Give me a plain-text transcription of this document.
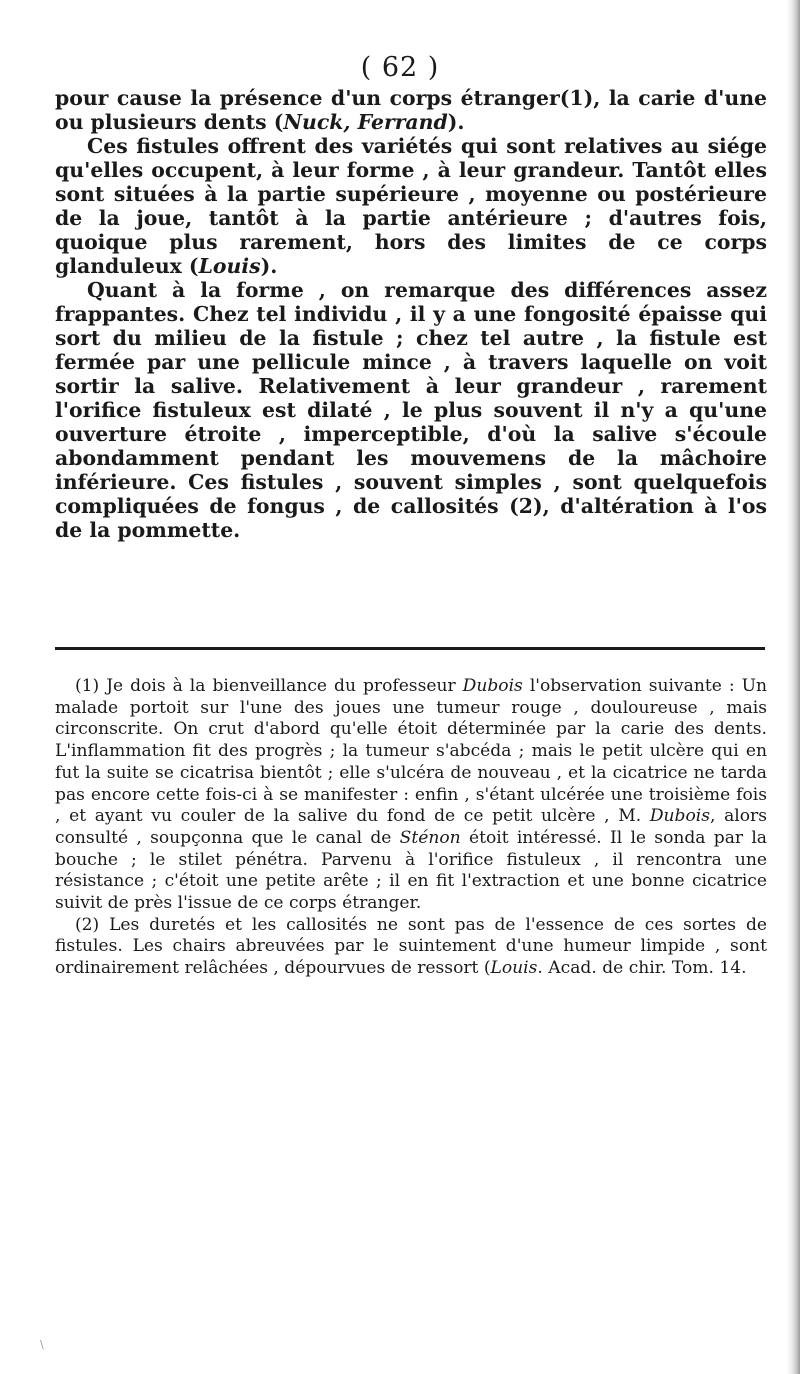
( 62 )

pour cause la présence d'un corps étranger(1), la carie d'une ou plusieurs dents (Nuck, Ferrand).

Ces fistules offrent des variétés qui sont relatives au siége qu'elles occupent, à leur forme , à leur grandeur. Tantôt elles sont situées à la partie supérieure , moyenne ou postérieure de la joue, tantôt à la partie antérieure ; d'autres fois, quoique plus rarement, hors des limites de ce corps glanduleux (Louis).

Quant à la forme , on remarque des différences assez frappantes. Chez tel individu , il y a une fongosité épaisse qui sort du milieu de la fistule ; chez tel autre , la fistule est fermée par une pellicule mince , à travers laquelle on voit sortir la salive. Relativement à leur grandeur , rarement l'orifice fistuleux est dilaté , le plus souvent il n'y a qu'une ouverture étroite , imperceptible, d'où la salive s'écoule abondamment pendant les mouvemens de la mâchoire inférieure. Ces fistules , souvent simples , sont quelquefois compliquées de fongus , de callosités (2), d'altération à l'os de la pommette.

(1) Je dois à la bienveillance du professeur Dubois l'observation suivante : Un malade portoit sur l'une des joues une tumeur rouge , douloureuse , mais circonscrite. On crut d'abord qu'elle étoit déterminée par la carie des dents. L'inflammation fit des progrès ; la tumeur s'abcéda ; mais le petit ulcère qui en fut la suite se cicatrisa bientôt ; elle s'ulcéra de nouveau , et la cicatrice ne tarda pas encore cette fois-ci à se manifester : enfin , s'étant ulcérée une troisième fois , et ayant vu couler de la salive du fond de ce petit ulcère , M. Dubois, alors consulté , soupçonna que le canal de Sténon étoit intéressé. Il le sonda par la bouche ; le stilet pénétra. Parvenu à l'orifice fistuleux , il rencontra une résistance ; c'étoit une petite arête ; il en fit l'extraction et une bonne cicatrice suivit de près l'issue de ce corps étranger.

(2) Les duretés et les callosités ne sont pas de l'essence de ces sortes de fistules. Les chairs abreuvées par le suintement d'une humeur limpide , sont ordinairement relâchées , dépourvues de ressort (Louis. Acad. de chir. Tom. 14.

\
